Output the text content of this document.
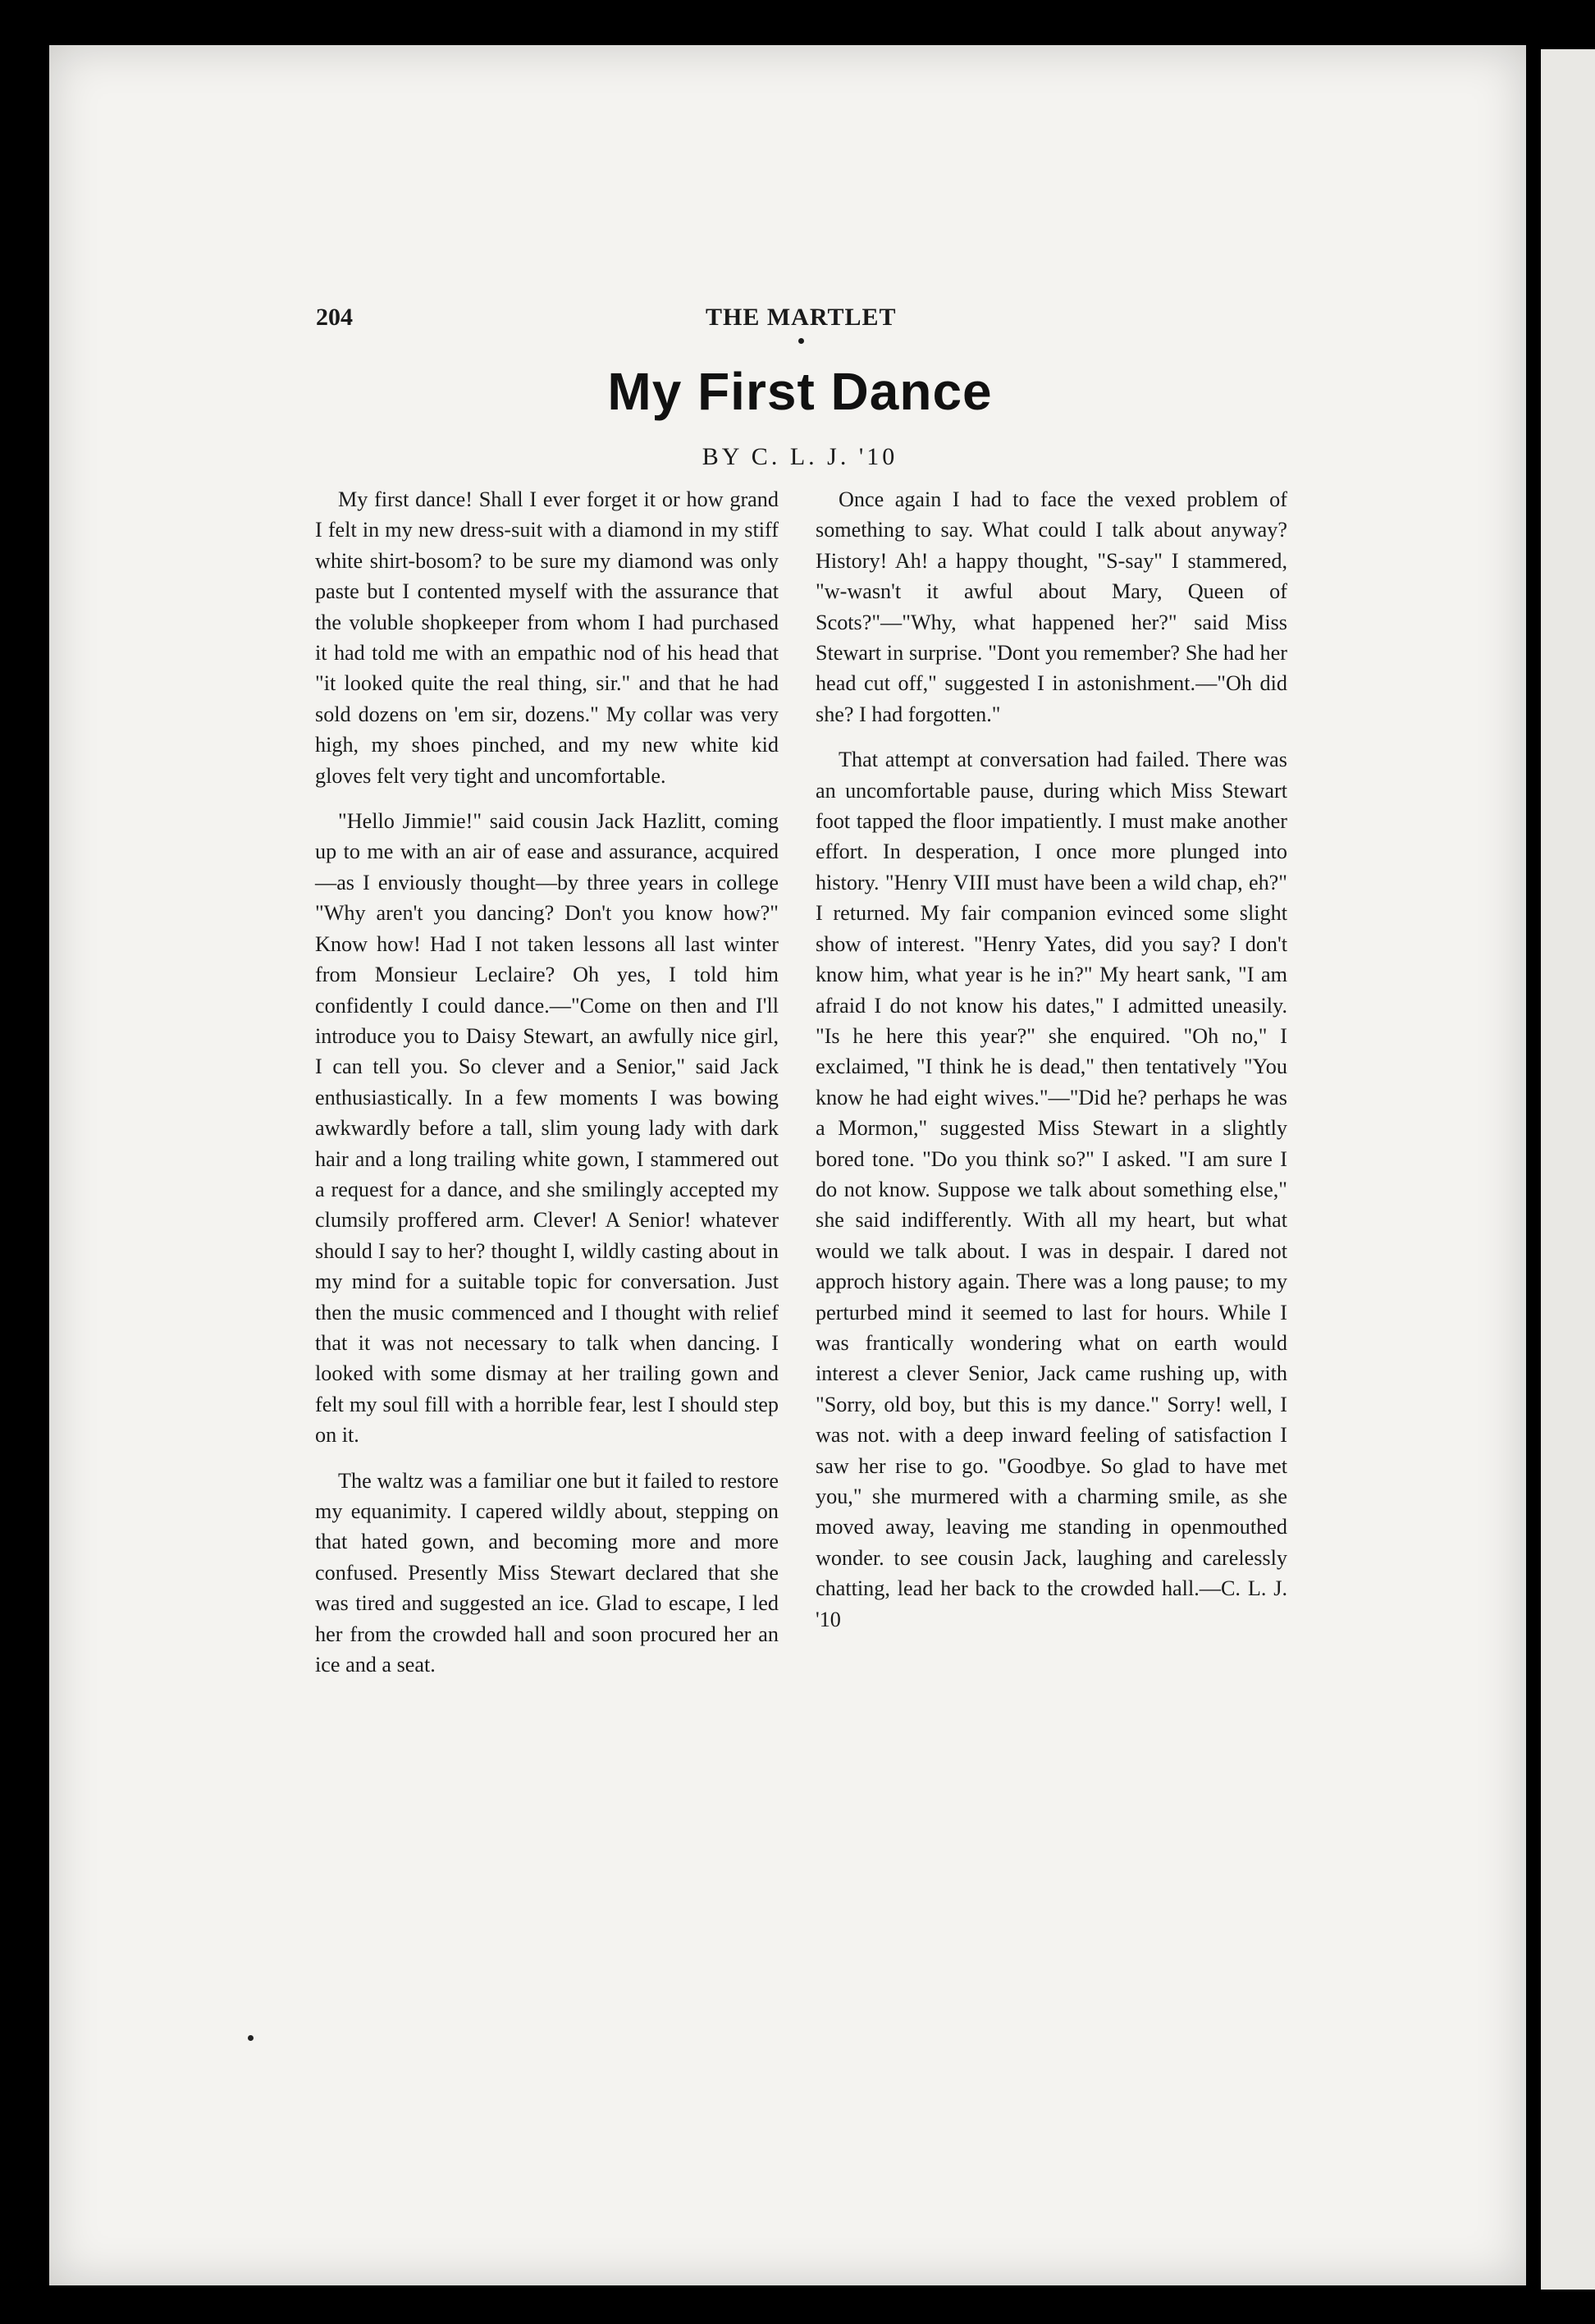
204	THE MARTLET
My First Dance
BY C. L. J. '10

My first dance! Shall I ever forget it or how grand I felt in my new dress-suit with a diamond in my stiff white shirt-bosom? to be sure my diamond was only paste but I contented myself with the assurance that the voluble shopkeeper from whom I had purchased it had told me with an empathic nod of his head that "it looked quite the real thing, sir." and that he had sold dozens on 'em sir, dozens." My collar was very high, my shoes pinched, and my new white kid gloves felt very tight and uncomfortable.

"Hello Jimmie!" said cousin Jack Hazlitt, coming up to me with an air of ease and assurance, acquired—as I enviously thought—by three years in college "Why aren't you dancing? Don't you know how?" Know how! Had I not taken lessons all last winter from Monsieur Leclaire? Oh yes, I told him confidently I could dance.—"Come on then and I'll introduce you to Daisy Stewart, an awfully nice girl, I can tell you. So clever and a Senior," said Jack enthusiastically. In a few moments I was bowing awkwardly before a tall, slim young lady with dark hair and a long trailing white gown, I stammered out a request for a dance, and she smilingly accepted my clumsily proffered arm. Clever! A Senior! whatever should I say to her? thought I, wildly casting about in my mind for a suitable topic for conversation. Just then the music commenced and I thought with relief that it was not necessary to talk when dancing. I looked with some dismay at her trailing gown and felt my soul fill with a horrible fear, lest I should step on it.

The waltz was a familiar one but it failed to restore my equanimity. I capered wildly about, stepping on that hated gown, and becoming more and more confused. Presently Miss Stewart declared that she was tired and suggested an ice. Glad to escape, I led her from the crowded hall and soon procured her an ice and a seat.

Once again I had to face the vexed problem of something to say. What could I talk about anyway? History! Ah! a happy thought, "S-say" I stammered, "w-wasn't it awful about Mary, Queen of Scots?"—"Why, what happened her?" said Miss Stewart in surprise. "Dont you remember? She had her head cut off," suggested I in astonishment.—"Oh did she? I had forgotten."

That attempt at conversation had failed. There was an uncomfortable pause, during which Miss Stewart foot tapped the floor impatiently. I must make another effort. In desperation, I once more plunged into history. "Henry VIII must have been a wild chap, eh?" I returned. My fair companion evinced some slight show of interest. "Henry Yates, did you say? I don't know him, what year is he in?" My heart sank, "I am afraid I do not know his dates," I admitted uneasily. "Is he here this year?" she enquired. "Oh no," I exclaimed, "I think he is dead," then tentatively "You know he had eight wives."—"Did he? perhaps he was a Mormon," suggested Miss Stewart in a slightly bored tone. "Do you think so?" I asked. "I am sure I do not know. Suppose we talk about something else," she said indifferently. With all my heart, but what would we talk about. I was in despair. I dared not approch history again. There was a long pause; to my perturbed mind it seemed to last for hours. While I was frantically wondering what on earth would interest a clever Senior, Jack came rushing up, with "Sorry, old boy, but this is my dance." Sorry! well, I was not. with a deep inward feeling of satisfaction I saw her rise to go. "Goodbye. So glad to have met you," she murmered with a charming smile, as she moved away, leaving me standing in openmouthed wonder. to see cousin Jack, laughing and carelessly chatting, lead her back to the crowded hall.—C. L. J. '10
